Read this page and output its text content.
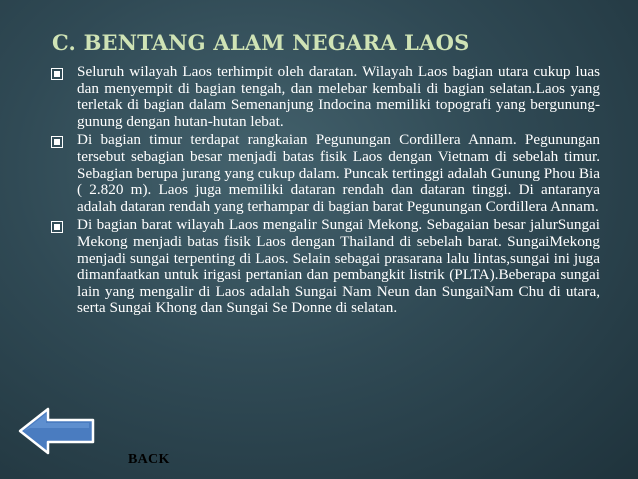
C. BENTANG ALAM NEGARA LAOS
Seluruh wilayah Laos terhimpit oleh daratan. Wilayah Laos bagian utara cukup luas dan menyempit di bagian tengah, dan melebar kembali di bagian selatan.Laos yang terletak di bagian dalam Semenanjung Indocina memiliki topografi yang bergunung-gunung dengan hutan-hutan lebat.
Di bagian timur terdapat rangkaian Pegunungan Cordillera Annam. Pegunungan tersebut sebagian besar menjadi batas fisik Laos dengan Vietnam di sebelah timur. Sebagian berupa jurang yang cukup dalam. Puncak tertinggi adalah Gunung Phou Bia ( 2.820 m). Laos juga memiliki dataran rendah dan dataran tinggi. Di antaranya adalah dataran rendah yang terhampar di bagian barat Pegunungan Cordillera Annam.
Di bagian barat wilayah Laos mengalir Sungai Mekong. Sebagaian besar jalurSungai Mekong menjadi batas fisik Laos dengan Thailand di sebelah barat. SungaiMekong menjadi sungai terpenting di Laos. Selain sebagai prasarana lalu lintas,sungai ini juga dimanfaatkan untuk irigasi pertanian dan pembangkit listrik (PLTA).Beberapa sungai lain yang mengalir di Laos adalah Sungai Nam Neun dan SungaiNam Chu di utara, serta Sungai Khong dan Sungai Se Donne di selatan.
BACK
